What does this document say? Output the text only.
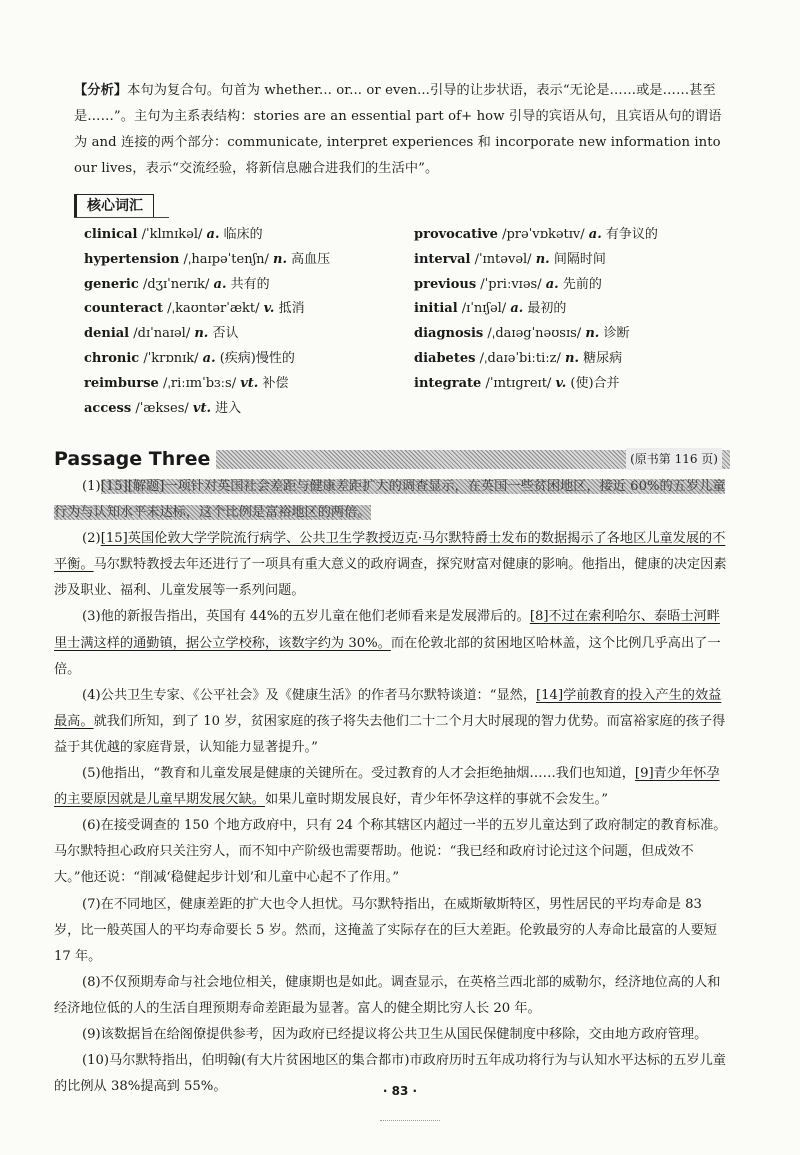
【分析】本句为复合句。句首为 whether... or... or even...引导的让步状语，表示“无论是……或是……甚至是……”。主句为主系表结构：stories are an essential part of+ how 引导的宾语从句，且宾语从句的谓语为 and 连接的两个部分：communicate, interpret experiences 和 incorporate new information into our lives，表示“交流经验，将新信息融合进我们的生活中”。
核心词汇
clinical /ˈklɪnɪkəl/ a. 临床的
hypertension /ˌhaɪpəˈtenʃn/ n. 高血压
generic /dʒɪˈnerɪk/ a. 共有的
counteract /ˌkaʊntərˈækt/ v. 抵消
denial /dɪˈnaɪəl/ n. 否认
chronic /ˈkrɒnɪk/ a. (疾病)慢性的
reimburse /ˌriːɪmˈbɜːs/ vt. 补偿
access /ˈækses/ vt. 进入
provocative /prəˈvɒkətɪv/ a. 有争议的
interval /ˈɪntəvəl/ n. 间隔时间
previous /ˈpriːvɪəs/ a. 先前的
initial /ɪˈnɪʃəl/ a. 最初的
diagnosis /ˌdaɪəgˈnəʊsɪs/ n. 诊断
diabetes /ˌdaɪəˈbiːtiːz/ n. 糖尿病
integrate /ˈɪntɪgreɪt/ v. (使)合并
Passage Three	(原书第 116 页)

(1)[15][解题]一项针对英国社会差距与健康差距扩大的调查显示，在英国一些贫困地区，接近 60%的五岁儿童行为与认知水平未达标，这个比例是富裕地区的两倍。

(2)[15]英国伦敦大学学院流行病学、公共卫生学教授迈克·马尔默特爵士发布的数据揭示了各地区儿童发展的不平衡。马尔默特教授去年还进行了一项具有重大意义的政府调查，探究财富对健康的影响。他指出，健康的决定因素涉及职业、福利、儿童发展等一系列问题。

(3)他的新报告指出，英国有 44%的五岁儿童在他们老师看来是发展滞后的。[8]不过在索利哈尔、泰晤士河畔里士满这样的通勤镇，据公立学校称，该数字约为 30%。而在伦敦北部的贫困地区哈林盖，这个比例几乎高出了一倍。

(4)公共卫生专家、《公平社会》及《健康生活》的作者马尔默特谈道：“显然，[14]学前教育的投入产生的效益最高。就我们所知，到了 10 岁，贫困家庭的孩子将失去他们二十二个月大时展现的智力优势。而富裕家庭的孩子得益于其优越的家庭背景，认知能力显著提升。”

(5)他指出，“教育和儿童发展是健康的关键所在。受过教育的人才会拒绝抽烟……我们也知道，[9]青少年怀孕的主要原因就是儿童早期发展欠缺。如果儿童时期发展良好，青少年怀孕这样的事就不会发生。”

(6)在接受调查的 150 个地方政府中，只有 24 个称其辖区内超过一半的五岁儿童达到了政府制定的教育标准。马尔默特担心政府只关注穷人，而不知中产阶级也需要帮助。他说：“我已经和政府讨论过这个问题，但成效不大。”他还说：“削减‘稳健起步计划’和儿童中心起不了作用。”

(7)在不同地区，健康差距的扩大也令人担忧。马尔默特指出，在威斯敏斯特区，男性居民的平均寿命是 83 岁，比一般英国人的平均寿命要长 5 岁。然而，这掩盖了实际存在的巨大差距。伦敦最穷的人寿命比最富的人要短 17 年。

(8)不仅预期寿命与社会地位相关，健康期也是如此。调查显示，在英格兰西北部的威勒尔，经济地位高的人和经济地位低的人的生活自理预期寿命差距最为显著。富人的健全期比穷人长 20 年。

(9)该数据旨在给阁僚提供参考，因为政府已经提议将公共卫生从国民保健制度中移除，交由地方政府管理。

(10)马尔默特指出，伯明翰(有大片贫困地区的集合都市)市政府历时五年成功将行为与认知水平达标的五岁儿童的比例从 38%提高到 55%。	· 83 ·
